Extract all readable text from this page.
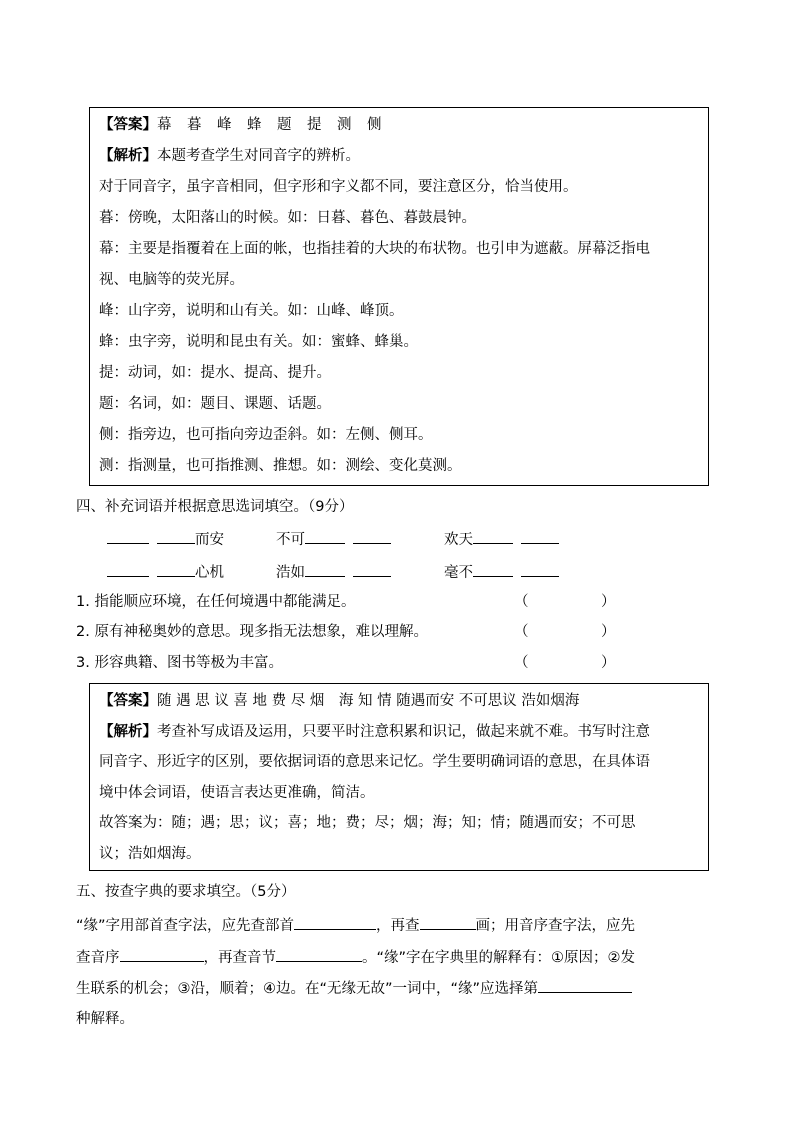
【答案】幕　暮　峰　蜂　题　提　测　侧
【解析】本题考查学生对同音字的辨析。
对于同音字，虽字音相同，但字形和字义都不同，要注意区分，恰当使用。
暮：傍晚，太阳落山的时候。如：日暮、暮色、暮鼓晨钟。
幕：主要是指覆着在上面的帐，也指挂着的大块的布状物。也引申为遮蔽。屏幕泛指电
视、电脑等的荧光屏。
峰：山字旁，说明和山有关。如：山峰、峰顶。
蜂：虫字旁，说明和昆虫有关。如：蜜蜂、蜂巢。
提：动词，如：提水、提高、提升。
题：名词，如：题目、课题、话题。
侧：指旁边，也可指向旁边歪斜。如：左侧、侧耳。
测：指测量，也可指推测、推想。如：测绘、变化莫测。
四、补充词语并根据意思选词填空。（9分）
而安	不可	欢天
心机	浩如	毫不
1. 指能顺应环境，在任何境遇中都能满足。	（　　　　　）
2. 原有神秘奥妙的意思。现多指无法想象，难以理解。	（　　　　　）
3. 形容典籍、图书等极为丰富。	（　　　　　）
【答案】随 遇 思 议 喜 地 费 尽 烟　海 知 情 随遇而安 不可思议 浩如烟海
【解析】考查补写成语及运用，只要平时注意积累和识记，做起来就不难。书写时注意
同音字、形近字的区别，要依据词语的意思来记忆。学生要明确词语的意思，在具体语
境中体会词语，使语言表达更准确，简洁。
故答案为：随；遇；思；议；喜；地；费；尽；烟；海；知；情；随遇而安；不可思
议；浩如烟海。
五、按查字典的要求填空。（5分）
“缘”字用部首查字法，应先查部首	，再查	画；用音序查字法，应先
查音序	，再查音节	。“缘”字在字典里的解释有：①原因；②发
生联系的机会；③沿，顺着；④边。在“无缘无故”一词中，“缘”应选择第
种解释。
